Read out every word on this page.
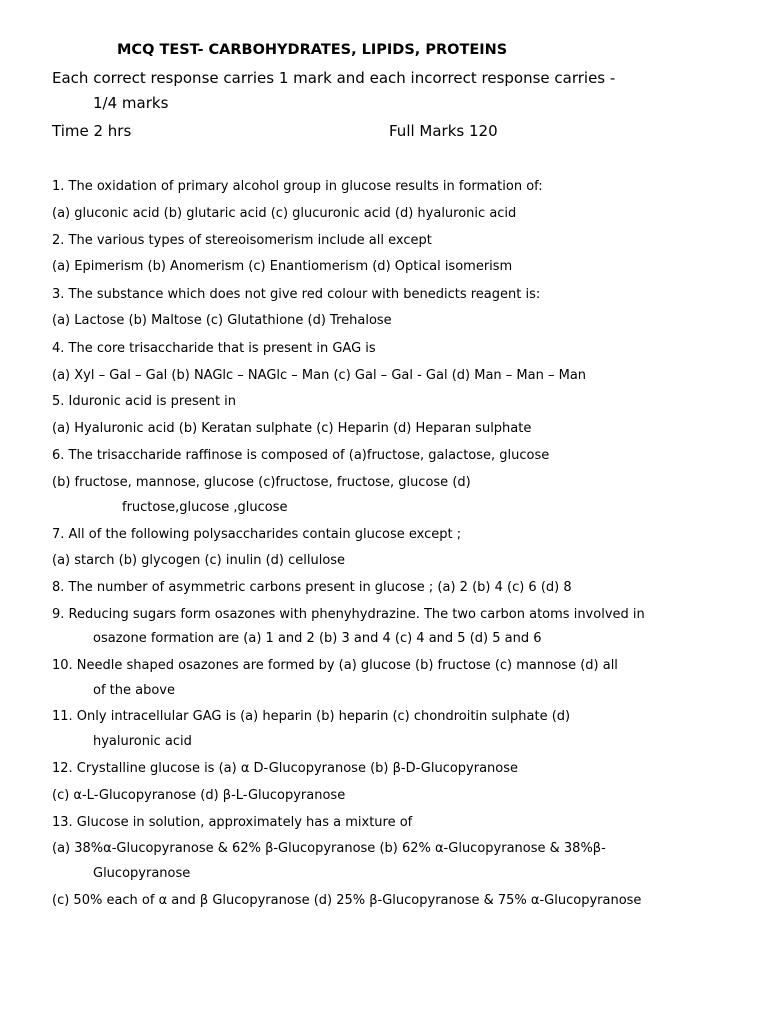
MCQ TEST- CARBOHYDRATES, LIPIDS, PROTEINS
Each correct response carries 1 mark and each incorrect response carries -
1/4 marks
Time 2 hrs	Full Marks 120
1. The oxidation of primary alcohol group in glucose results in formation of:
(a) gluconic acid (b) glutaric acid (c) glucuronic acid (d) hyaluronic acid
2. The various types of stereoisomerism include all except
(a) Epimerism (b) Anomerism (c) Enantiomerism (d) Optical isomerism
3. The substance which does not give red colour with benedicts reagent is:
(a) Lactose (b) Maltose (c) Glutathione (d) Trehalose
4. The core trisaccharide that is present in GAG is
(a) Xyl – Gal – Gal (b) NAGlc – NAGlc – Man (c) Gal – Gal - Gal (d) Man – Man – Man
5. Iduronic acid is present in
(a) Hyaluronic acid (b) Keratan sulphate (c) Heparin (d) Heparan sulphate
6. The trisaccharide raffinose is composed of (a)fructose, galactose, glucose
(b) fructose, mannose, glucose (c)fructose, fructose, glucose (d)
fructose,glucose ,glucose
7. All of the following polysaccharides contain glucose except ;
(a) starch (b) glycogen (c) inulin (d) cellulose
8. The number of asymmetric carbons present in glucose ; (a) 2 (b) 4 (c) 6 (d) 8
9. Reducing sugars form osazones with phenyhydrazine. The two carbon atoms involved in
osazone formation are (a) 1 and 2 (b) 3 and 4 (c) 4 and 5 (d) 5 and 6
10. Needle shaped osazones are formed by (a) glucose (b) fructose (c) mannose (d) all
of the above
11. Only intracellular GAG is (a) heparin (b) heparin (c) chondroitin sulphate (d)
hyaluronic acid
12. Crystalline glucose is (a) α D-Glucopyranose (b) β-D-Glucopyranose
(c) α-L-Glucopyranose (d) β-L-Glucopyranose
13. Glucose in solution, approximately has a mixture of
(a) 38%α-Glucopyranose & 62% β-Glucopyranose (b) 62% α-Glucopyranose & 38%β-
Glucopyranose
(c) 50% each of α and β Glucopyranose (d) 25% β-Glucopyranose & 75% α-Glucopyranose
